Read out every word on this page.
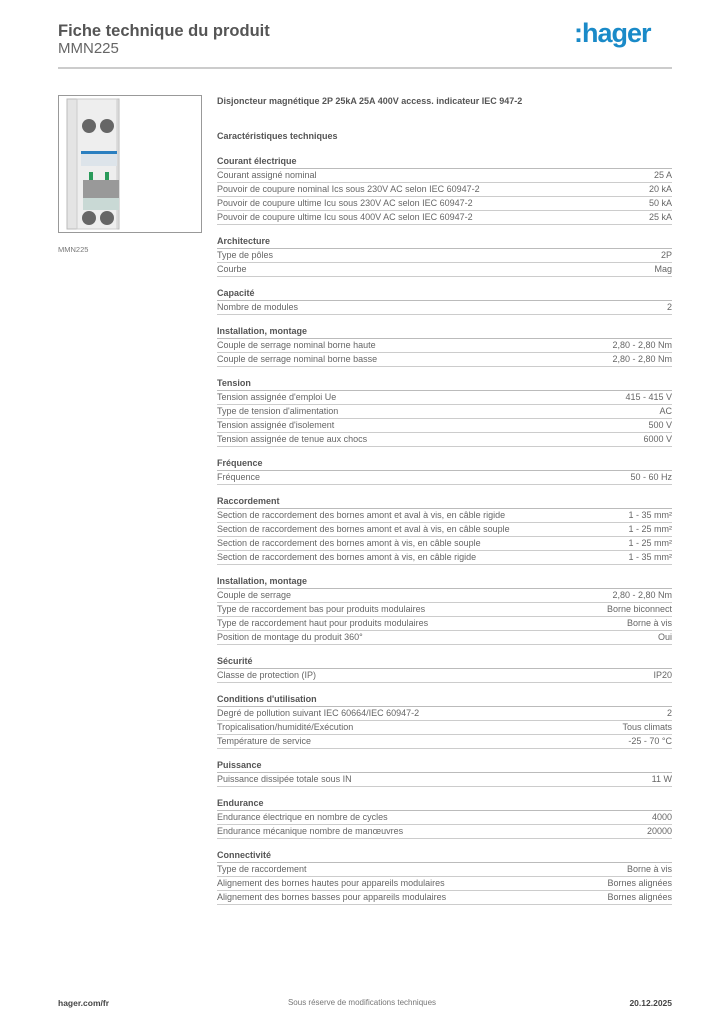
Fiche technique du produit
MMN225
:hager
MMN225
Disjoncteur magnétique 2P 25kA 25A 400V access. indicateur IEC 947-2
Caractéristiques techniques
Courant électrique
Courant assigné nominal	25 A
Pouvoir de coupure nominal Ics sous 230V AC selon IEC 60947-2	20 kA
Pouvoir de coupure ultime Icu sous 230V AC selon IEC 60947-2	50 kA
Pouvoir de coupure ultime Icu sous 400V AC selon IEC 60947-2	25 kA
Architecture
Type de pôles	2P
Courbe	Mag
Capacité
Nombre de modules	2
Installation, montage
Couple de serrage nominal borne haute	2,80 - 2,80 Nm
Couple de serrage nominal borne basse	2,80 - 2,80 Nm
Tension
Tension assignée d'emploi Ue	415 - 415 V
Type de tension d'alimentation	AC
Tension assignée d'isolement	500 V
Tension assignée de tenue aux chocs	6000 V
Fréquence
Fréquence	50 - 60 Hz
Raccordement
Section de raccordement des bornes amont et aval à vis, en câble rigide	1 - 35 mm²
Section de raccordement des bornes amont et aval à vis, en câble souple	1 - 25 mm²
Section de raccordement des bornes amont à vis, en câble souple	1 - 25 mm²
Section de raccordement des bornes amont à vis, en câble rigide	1 - 35 mm²
Installation, montage
Couple de serrage	2,80 - 2,80 Nm
Type de raccordement bas pour produits modulaires	Borne biconnect
Type de raccordement haut pour produits modulaires	Borne à vis
Position de montage du produit 360°	Oui
Sécurité
Classe de protection (IP)	IP20
Conditions d'utilisation
Degré de pollution suivant IEC 60664/IEC 60947-2	2
Tropicalisation/humidité/Exécution	Tous climats
Température de service	-25 - 70 °C
Puissance
Puissance dissipée totale sous IN	11 W
Endurance
Endurance électrique en nombre de cycles	4000
Endurance mécanique nombre de manœuvres	20000
Connectivité
Type de raccordement	Borne à vis
Alignement des bornes hautes pour appareils modulaires	Bornes alignées
Alignement des bornes basses pour appareils modulaires	Bornes alignées
hager.com/fr	Sous réserve de modifications techniques	20.12.2025
